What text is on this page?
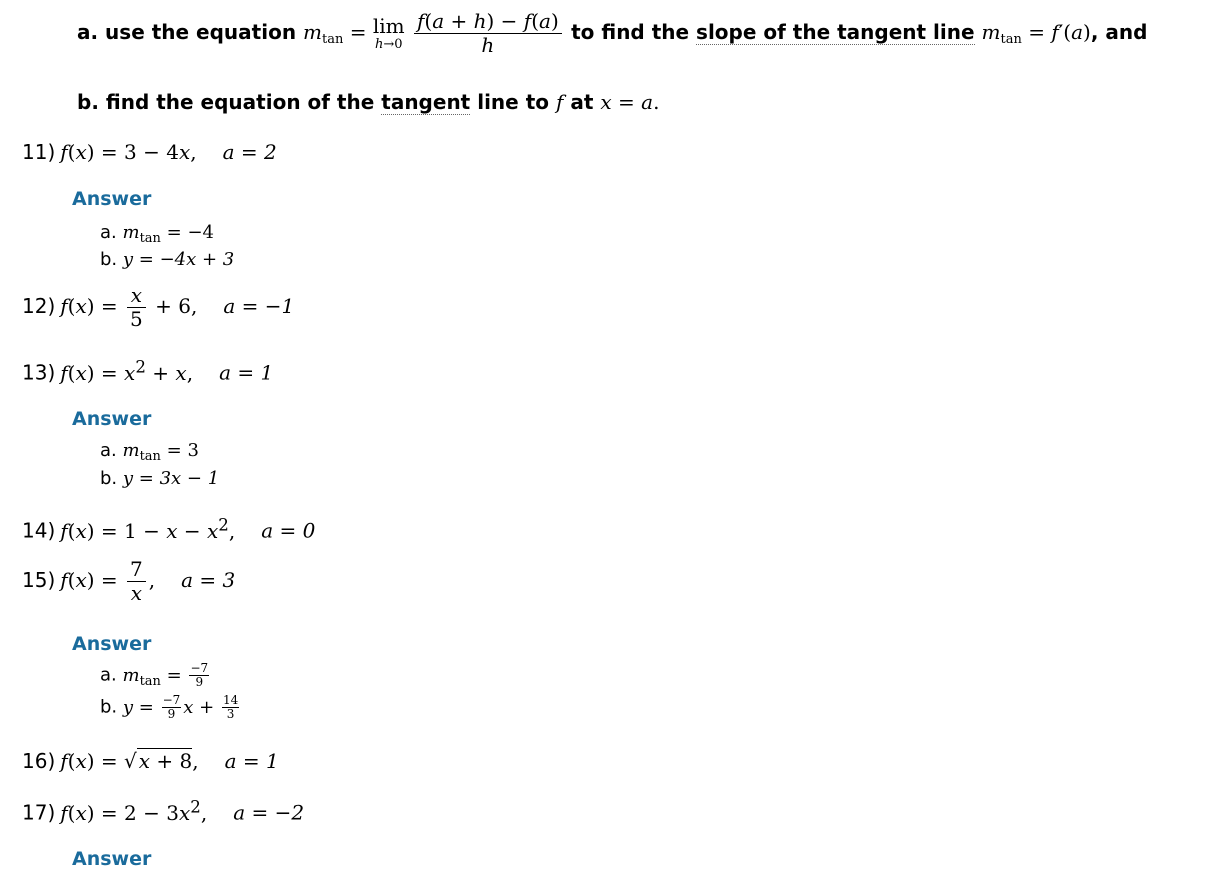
a. use the equation $m_{tan} = \lim$
h→0
$\frac{f(a + h) - f(a)}{h}$ to find the slope of the tangent line $m_{tan} = f'(a)$, and
b. find the equation of the tangent line to f at x = a.
11) f(x) = 3 − 4x, a = 2
Answer
a. $m_{tan} = -4$
b. y = −4x + 3
12) $f(x) = \frac{x}{5} + 6$, a = −1
13) $f(x) = x^2 + x$, a = 1
Answer
a. $m_{tan} = 3$
b. y = 3x − 1
14) $f(x) = 1 - x - x^2$, a = 0
15) $f(x) = \frac{7}{x}$ , a = 3
Answer
a. $m_{tan} = \frac{-7}{9}$
b. $y = \frac{-7}{9}$ $x + \frac{14}{3}$
16) f(x) = √ x + 8, a = 1
17) $f(x) = 2 - 3x^2$, a = −2
Answer
